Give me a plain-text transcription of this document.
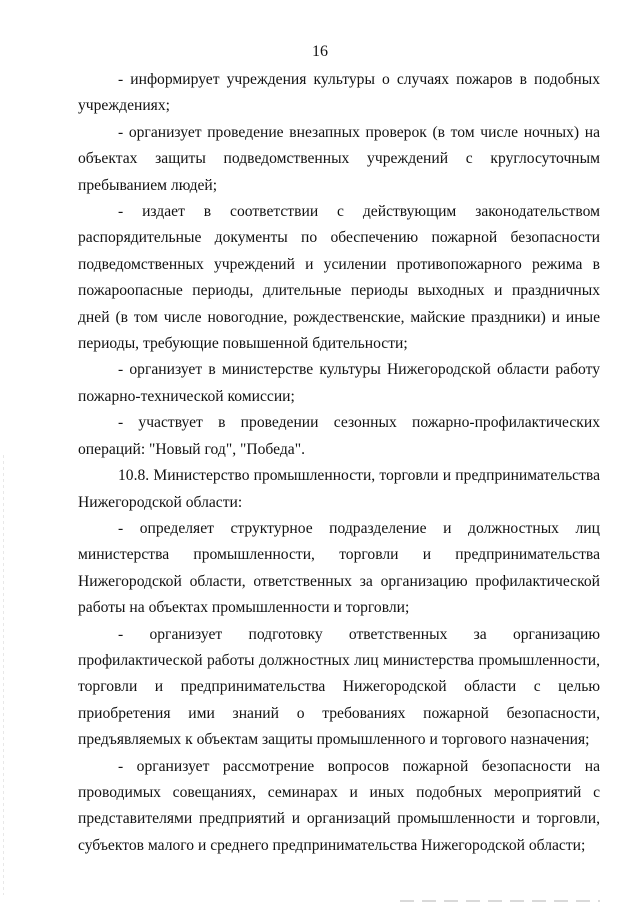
16

- информирует учреждения культуры о случаях пожаров в подобных учреждениях;

- организует проведение внезапных проверок (в том числе ночных) на объектах защиты подведомственных учреждений с круглосуточным пребыванием людей;

- издает в соответствии с действующим законодательством распорядительные документы по обеспечению пожарной безопасности подведомственных учреждений и усилении противопожарного режима в пожароопасные периоды, длительные периоды выходных и праздничных дней (в том числе новогодние, рождественские, майские праздники) и иные периоды, требующие повышенной бдительности;

- организует в министерстве культуры Нижегородской области работу пожарно-технической комиссии;

- участвует в проведении сезонных пожарно-профилактических операций: "Новый год", "Победа".

10.8. Министерство промышленности, торговли и предпринимательства Нижегородской области:

- определяет структурное подразделение и должностных лиц министерства промышленности, торговли и предпринимательства Нижегородской области, ответственных за организацию профилактической работы на объектах промышленности и торговли;

- организует подготовку ответственных за организацию профилактической работы должностных лиц министерства промышленности, торговли и предпринимательства Нижегородской области с целью приобретения ими знаний о требованиях пожарной безопасности, предъявляемых к объектам защиты промышленного и торгового назначения;

- организует рассмотрение вопросов пожарной безопасности на проводимых совещаниях, семинарах и иных подобных мероприятий с представителями предприятий и организаций промышленности и торговли, субъектов малого и среднего предпринимательства Нижегородской области;
